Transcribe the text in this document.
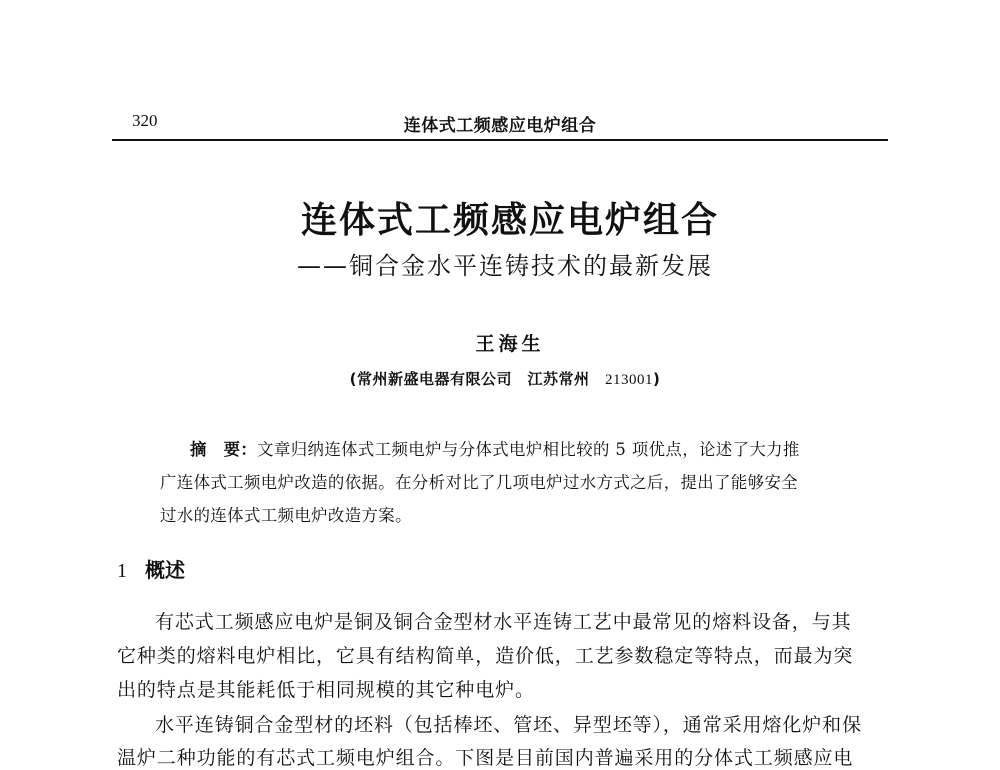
320	连体式工频感应电炉组合
连体式工频感应电炉组合
——铜合金水平连铸技术的最新发展
王海生
(常州新盛电器有限公司　江苏常州　213001)
摘　要：文章归纳连体式工频电炉与分体式电炉相比较的 5 项优点，论述了大力推
广连体式工频电炉改造的依据。在分析对比了几项电炉过水方式之后，提出了能够安全
过水的连体式工频电炉改造方案。
1 概述
有芯式工频感应电炉是铜及铜合金型材水平连铸工艺中最常见的熔料设备，与其
它种类的熔料电炉相比，它具有结构简单，造价低，工艺参数稳定等特点，而最为突
出的特点是其能耗低于相同规模的其它种电炉。
水平连铸铜合金型材的坯料（包括棒坯、管坯、异型坯等），通常采用熔化炉和保
温炉二种功能的有芯式工频电炉组合。下图是目前国内普遍采用的分体式工频感应电
